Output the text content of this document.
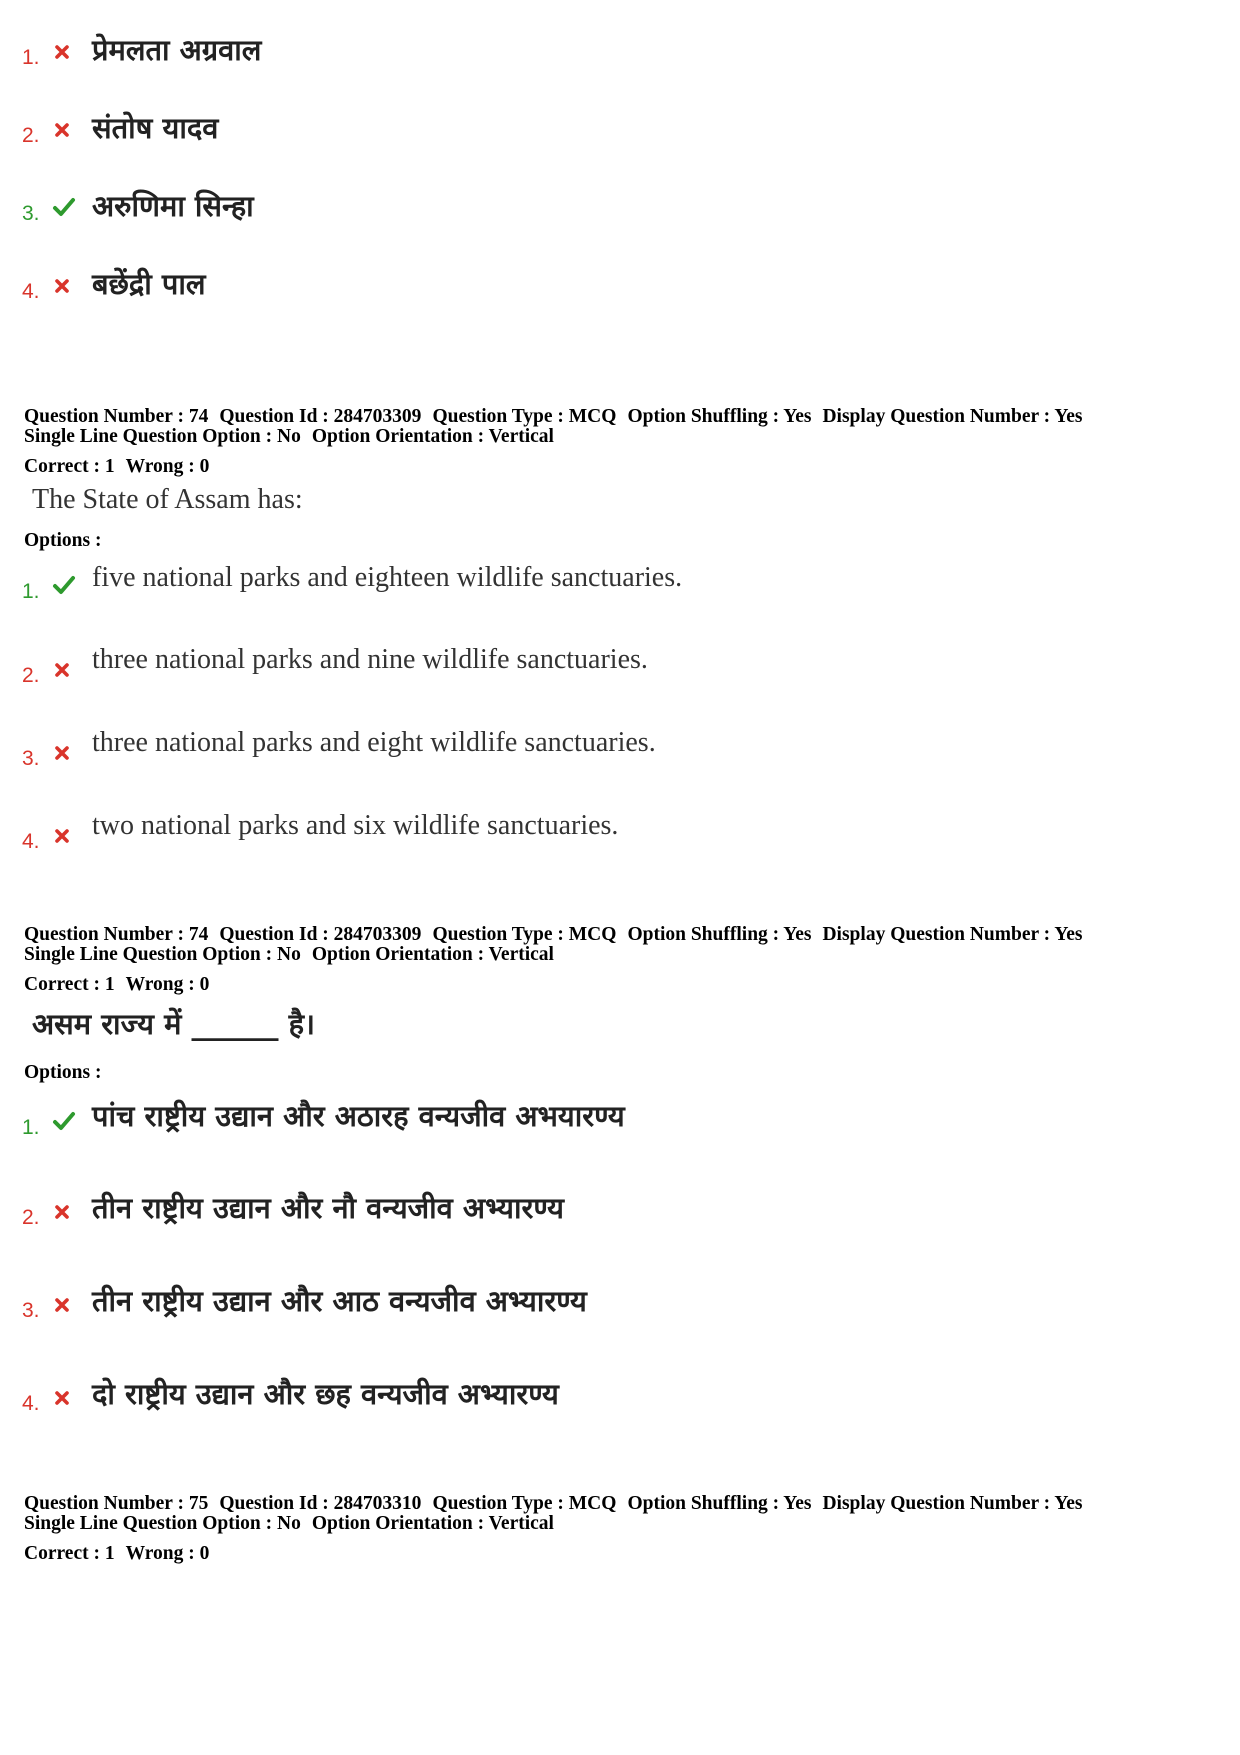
1. प्रेमलता अग्रवाल
2. संतोष यादव
3. अरुणिमा सिन्हा
4. बछेंद्री पाल
Question Number : 74 Question Id : 284703309 Question Type : MCQ Option Shuffling : Yes Display Question Number : Yes
Single Line Question Option : No Option Orientation : Vertical
Correct : 1 Wrong : 0
The State of Assam has:
Options :
1. five national parks and eighteen wildlife sanctuaries.
2.
three national parks and nine wildlife sanctuaries.
3.
three national parks and eight wildlife sanctuaries.
4.
two national parks and six wildlife sanctuaries.
Question Number : 74 Question Id : 284703309 Question Type : MCQ Option Shuffling : Yes Display Question Number : Yes
Single Line Question Option : No Option Orientation : Vertical
Correct : 1 Wrong : 0
असम राज्य में ______ है।
Options :
1. पांच राष्ट्रीय उद्यान और अठारह वन्यजीव अभयारण्य
2. तीन राष्ट्रीय उद्यान और नौ वन्यजीव अभ्यारण्य
3. तीन राष्ट्रीय उद्यान और आठ वन्यजीव अभ्यारण्य
4. दो राष्ट्रीय उद्यान और छह वन्यजीव अभ्यारण्य
Question Number : 75 Question Id : 284703310 Question Type : MCQ Option Shuffling : Yes Display Question Number : Yes
Single Line Question Option : No Option Orientation : Vertical
Correct : 1 Wrong : 0
